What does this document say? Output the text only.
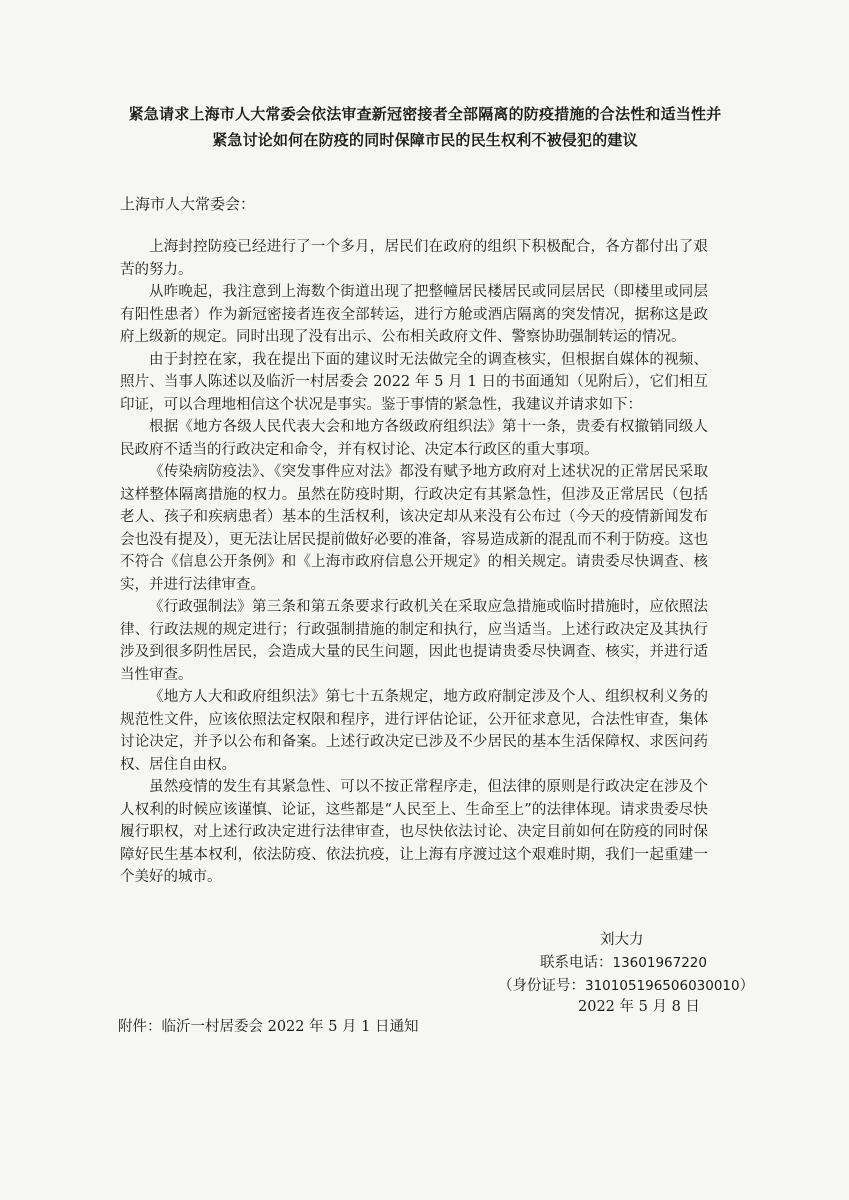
紧急请求上海市人大常委会依法审查新冠密接者全部隔离的防疫措施的合法性和适当性并
紧急讨论如何在防疫的同时保障市民的民生权利不被侵犯的建议
上海市人大常委会：

上海封控防疫已经进行了一个多月，居民们在政府的组织下积极配合，各方都付出了艰苦的努力。

从昨晚起，我注意到上海数个街道出现了把整幢居民楼居民或同层居民（即楼里或同层有阳性患者）作为新冠密接者连夜全部转运，进行方舱或酒店隔离的突发情况，据称这是政府上级新的规定。同时出现了没有出示、公布相关政府文件、警察协助强制转运的情况。

由于封控在家，我在提出下面的建议时无法做完全的调查核实，但根据自媒体的视频、照片、当事人陈述以及临沂一村居委会 2022 年 5 月 1 日的书面通知（见附后），它们相互印证，可以合理地相信这个状况是事实。鉴于事情的紧急性，我建议并请求如下：

根据《地方各级人民代表大会和地方各级政府组织法》第十一条，贵委有权撤销同级人民政府不适当的行政决定和命令，并有权讨论、决定本行政区的重大事项。

《传染病防疫法》、《突发事件应对法》都没有赋予地方政府对上述状况的正常居民采取这样整体隔离措施的权力。虽然在防疫时期，行政决定有其紧急性，但涉及正常居民（包括老人、孩子和疾病患者）基本的生活权利，该决定却从来没有公布过（今天的疫情新闻发布会也没有提及），更无法让居民提前做好必要的准备，容易造成新的混乱而不利于防疫。这也不符合《信息公开条例》和《上海市政府信息公开规定》的相关规定。请贵委尽快调查、核实，并进行法律审查。

《行政强制法》第三条和第五条要求行政机关在采取应急措施或临时措施时，应依照法律、行政法规的规定进行；行政强制措施的制定和执行，应当适当。上述行政决定及其执行涉及到很多阴性居民，会造成大量的民生问题，因此也提请贵委尽快调查、核实，并进行适当性审查。

《地方人大和政府组织法》第七十五条规定，地方政府制定涉及个人、组织权利义务的规范性文件，应该依照法定权限和程序，进行评估论证，公开征求意见，合法性审查，集体讨论决定，并予以公布和备案。上述行政决定已涉及不少居民的基本生活保障权、求医问药权、居住自由权。

虽然疫情的发生有其紧急性、可以不按正常程序走，但法律的原则是行政决定在涉及个人权利的时候应该谨慎、论证，这些都是“人民至上、生命至上”的法律体现。请求贵委尽快履行职权，对上述行政决定进行法律审查，也尽快依法讨论、决定目前如何在防疫的同时保障好民生基本权利，依法防疫、依法抗疫，让上海有序渡过这个艰难时期，我们一起重建一个美好的城市。

刘大力
联系电话：13601967220
（身份证号：310105196506030010）
2022 年 5 月 8 日
附件：临沂一村居委会 2022 年 5 月 1 日通知
